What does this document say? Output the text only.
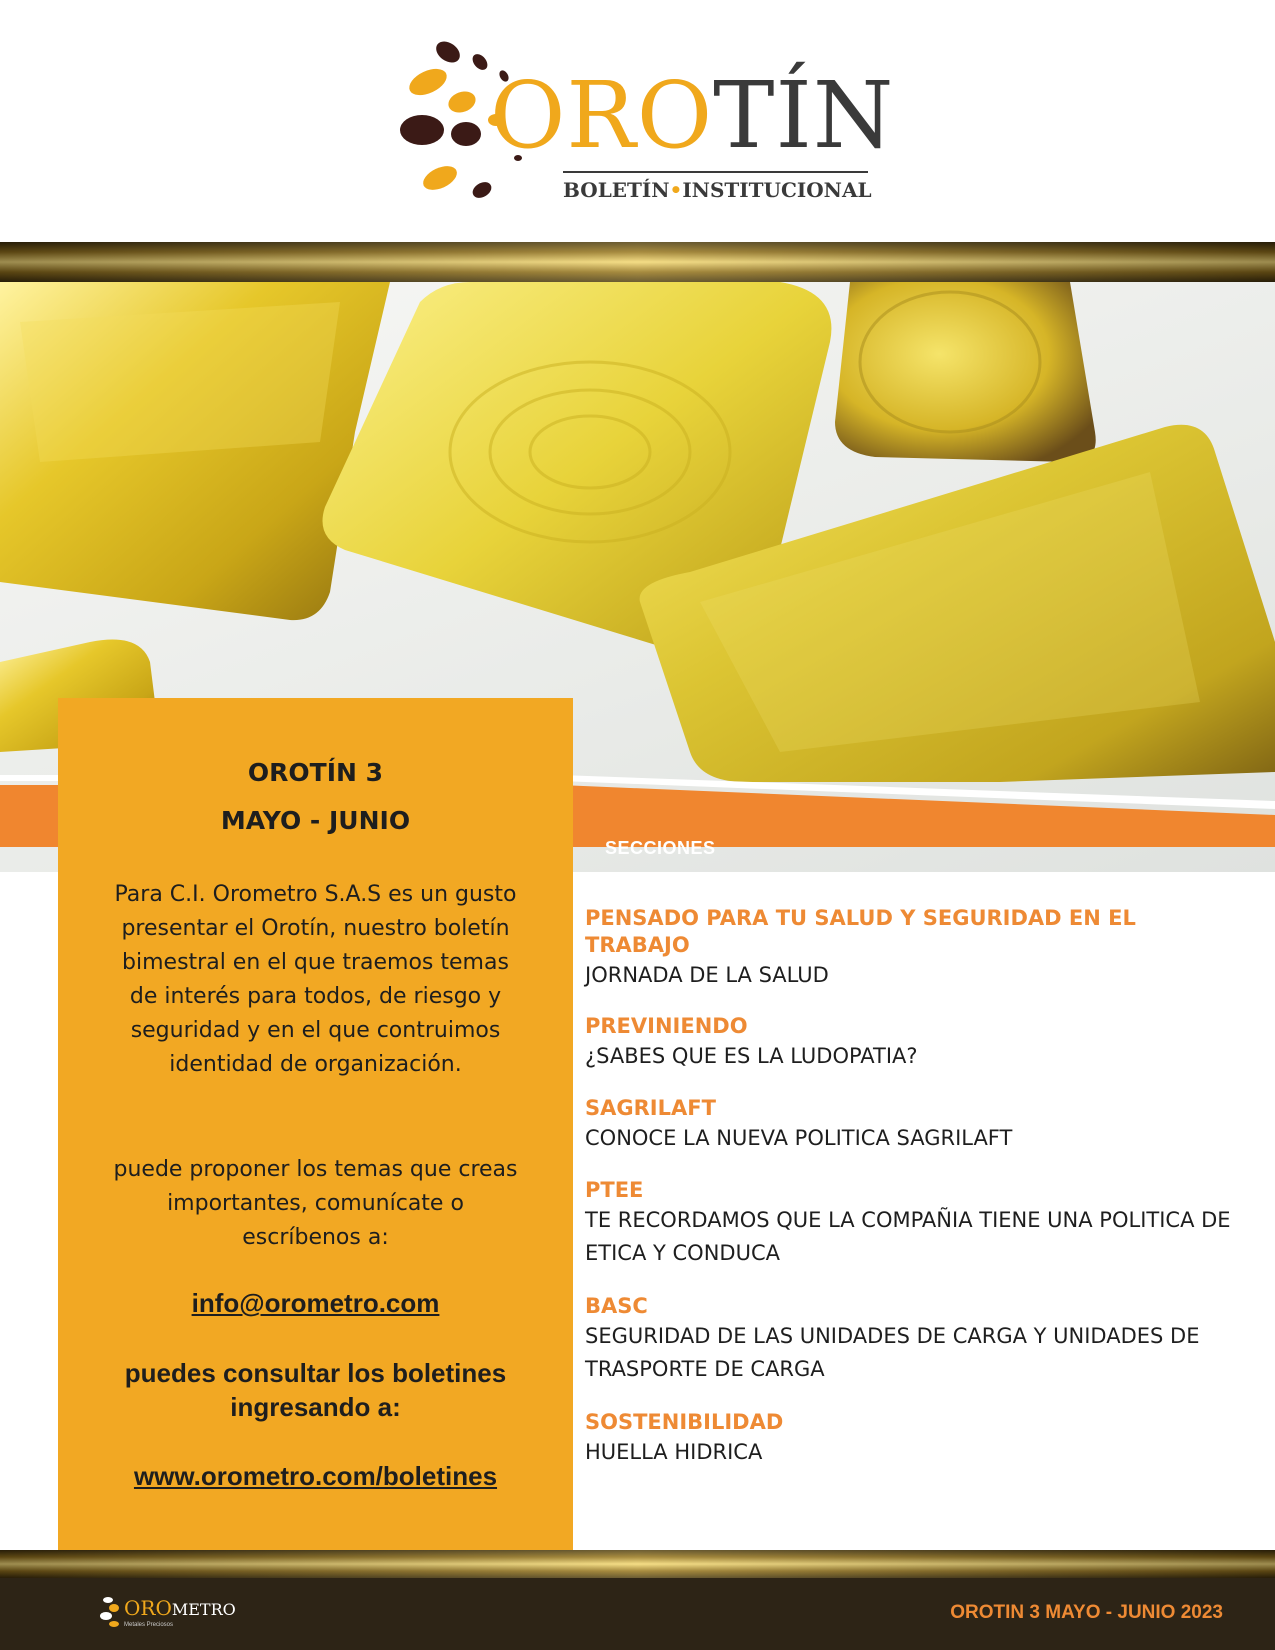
OROTÍN
BOLETÍN•INSTITUCIONAL
SECCIONES
OROTÍN 3
MAYO - JUNIO

Para C.I. Orometro S.A.S es un gusto presentar el Orotín, nuestro boletín bimestral en el que traemos temas de interés para todos, de riesgo y seguridad y en el que contruimos identidad de organización.

puede proponer los temas que creas importantes, comunícate o escríbenos a:

info@orometro.com

puedes consultar los boletines ingresando a:

www.orometro.com/boletines
PENSADO PARA TU SALUD Y SEGURIDAD EN EL TRABAJO
JORNADA DE LA SALUD
PREVINIENDO
¿SABES QUE ES LA LUDOPATIA?
SAGRILAFT
CONOCE LA NUEVA POLITICA SAGRILAFT
PTEE
TE RECORDAMOS QUE LA COMPAÑIA TIENE UNA POLITICA DE ETICA Y CONDUCA
BASC
SEGURIDAD DE LAS UNIDADES DE CARGA Y UNIDADES DE TRASPORTE DE CARGA
SOSTENIBILIDAD
HUELLA HIDRICA
OROMETRO
Metales Preciosos
OROTIN 3 MAYO - JUNIO 2023
